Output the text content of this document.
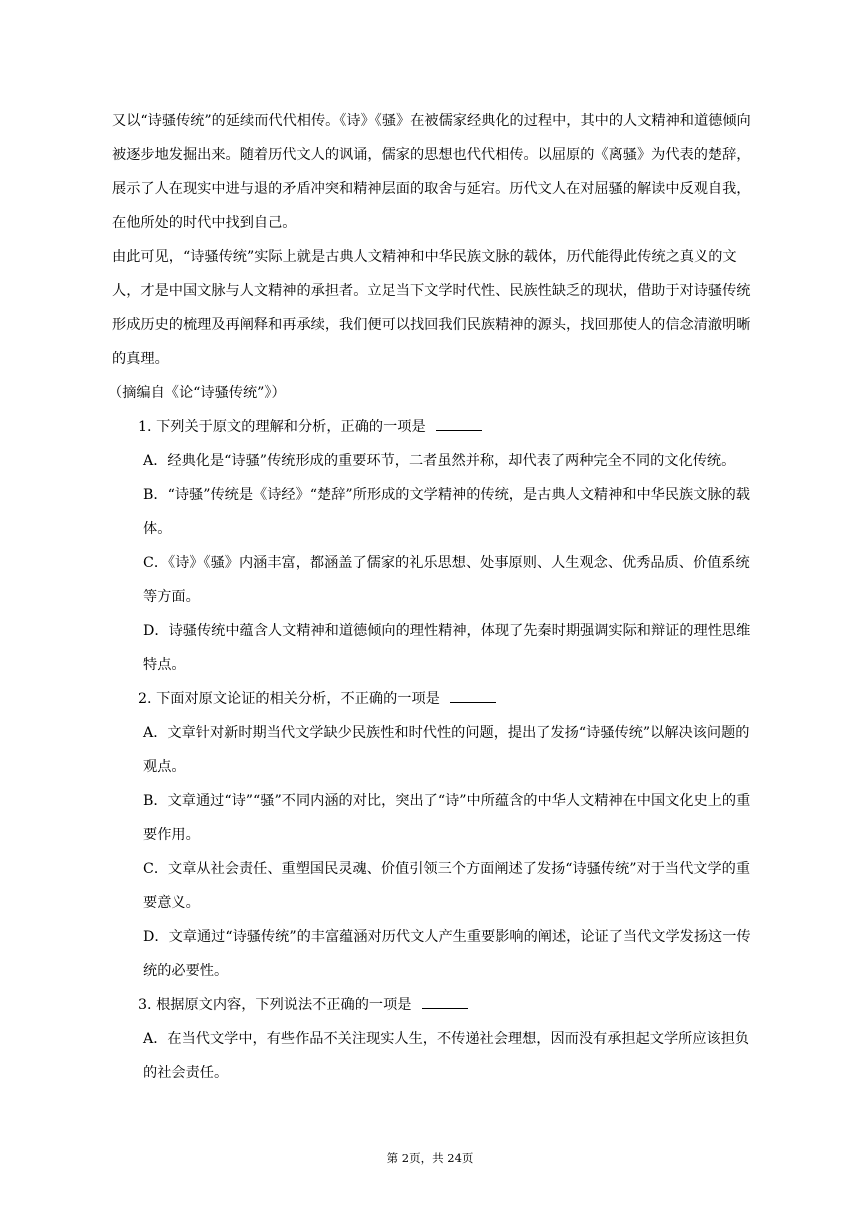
又以“诗骚传统”的延续而代代相传。《诗》《骚》在被儒家经典化的过程中，其中的人文精神和道德倾向被逐步地发掘出来。随着历代文人的讽诵，儒家的思想也代代相传。以屈原的《离骚》为代表的楚辞，展示了人在现实中进与退的矛盾冲突和精神层面的取舍与延宕。历代文人在对屈骚的解读中反观自我，在他所处的时代中找到自己。

由此可见，“诗骚传统”实际上就是古典人文精神和中华民族文脉的载体，历代能得此传统之真义的文人，才是中国文脉与人文精神的承担者。立足当下文学时代性、民族性缺乏的现状，借助于对诗骚传统形成历史的梳理及再阐释和再承续，我们便可以找回我们民族精神的源头，找回那使人的信念清澈明晰的真理。

（摘编自《论“诗骚传统”》）

1. 下列关于原文的理解和分析，正确的一项是

A．经典化是“诗骚”传统形成的重要环节，二者虽然并称，却代表了两种完全不同的文化传统。

B．“诗骚”传统是《诗经》“楚辞”所形成的文学精神的传统，是古典人文精神和中华民族文脉的载体。

C．《诗》《骚》内涵丰富，都涵盖了儒家的礼乐思想、处事原则、人生观念、优秀品质、价值系统等方面。

D．诗骚传统中蕴含人文精神和道德倾向的理性精神，体现了先秦时期强调实际和辩证的理性思维特点。

2. 下面对原文论证的相关分析，不正确的一项是

A．文章针对新时期当代文学缺少民族性和时代性的问题，提出了发扬“诗骚传统”以解决该问题的观点。

B．文章通过“诗”“骚”不同内涵的对比，突出了“诗”中所蕴含的中华人文精神在中国文化史上的重要作用。

C．文章从社会责任、重塑国民灵魂、价值引领三个方面阐述了发扬“诗骚传统”对于当代文学的重要意义。

D．文章通过“诗骚传统”的丰富蕴涵对历代文人产生重要影响的阐述，论证了当代文学发扬这一传统的必要性。

3. 根据原文内容，下列说法不正确的一项是

A．在当代文学中，有些作品不关注现实人生，不传递社会理想，因而没有承担起文学所应该担负的社会责任。

第 2页，共 24页
